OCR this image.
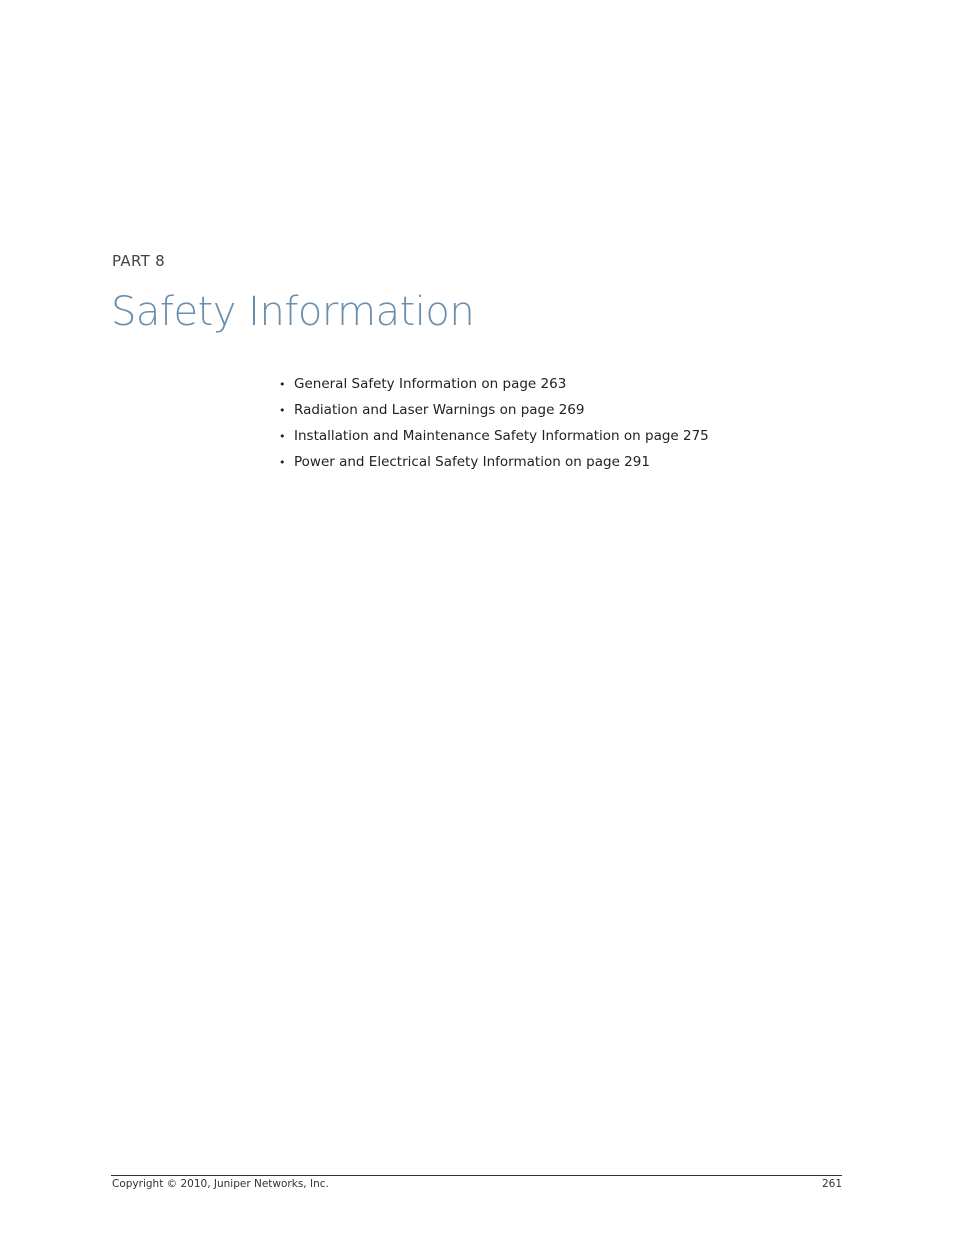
PART 8
Safety Information
• General Safety Information on page 263
• Radiation and Laser Warnings on page 269
• Installation and Maintenance Safety Information on page 275
• Power and Electrical Safety Information on page 291
Copyright © 2010, Juniper Networks, Inc.	261
